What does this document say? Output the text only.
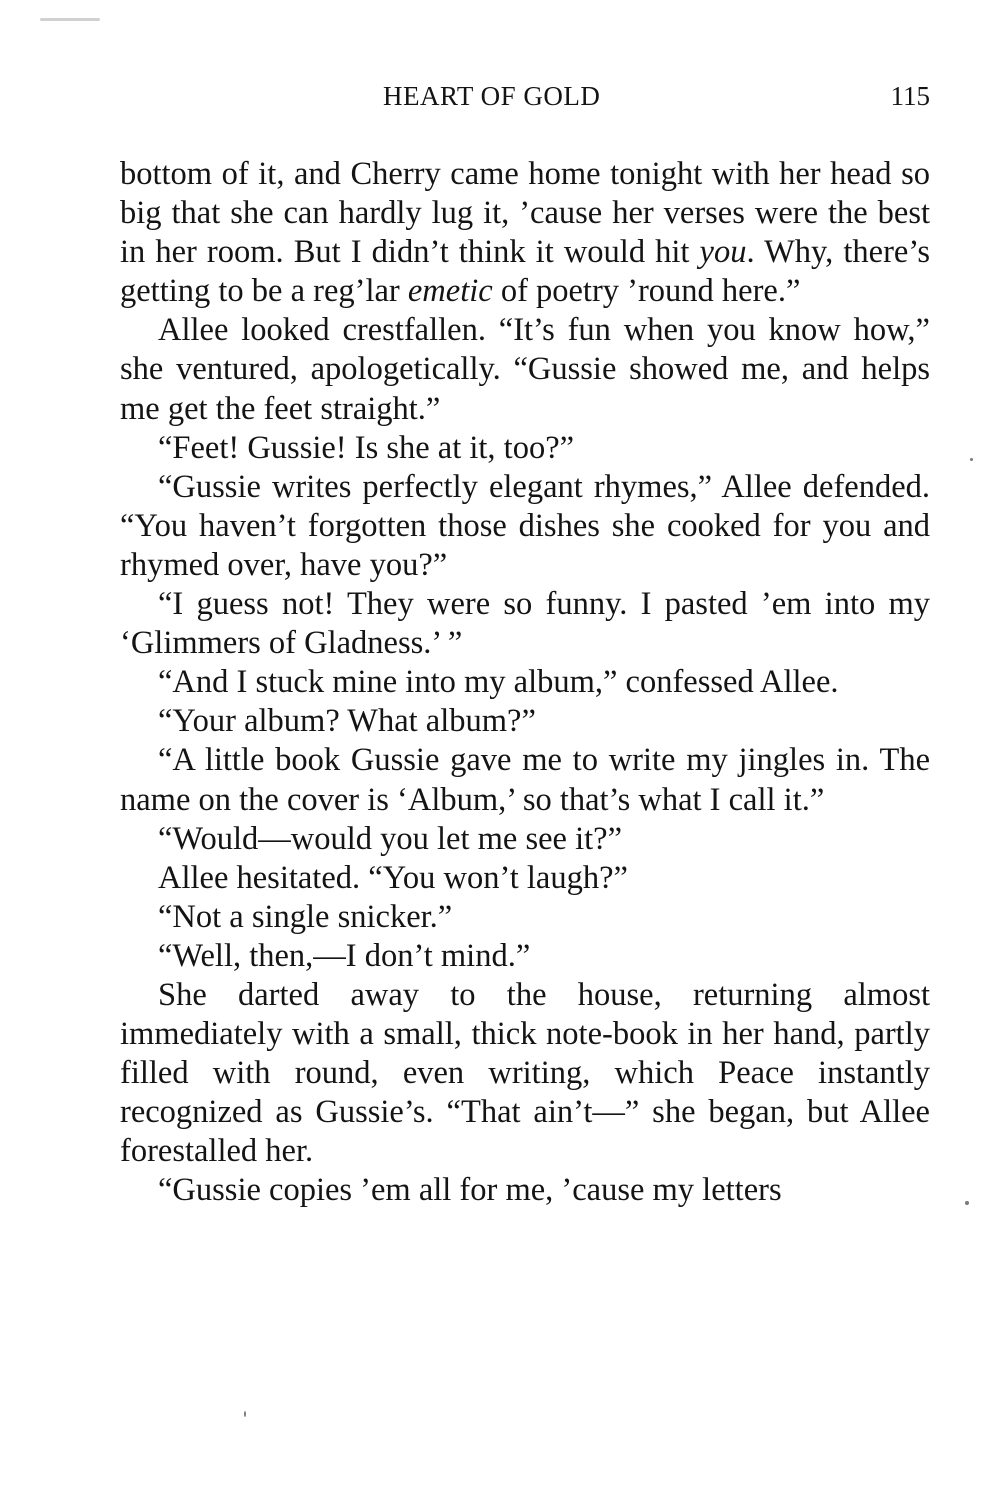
HEART OF GOLD	115

bottom of it, and Cherry came home tonight with her head so big that she can hardly lug it, ’cause her verses were the best in her room. But I didn’t think it would hit you. Why, there’s getting to be a reg’lar emetic of poetry ’round here.”

Allee looked crestfallen. “It’s fun when you know how,” she ventured, apologetically. “Gussie showed me, and helps me get the feet straight.”

“Feet! Gussie! Is she at it, too?”

“Gussie writes perfectly elegant rhymes,” Allee defended. “You haven’t forgotten those dishes she cooked for you and rhymed over, have you?”

“I guess not! They were so funny. I pasted ’em into my ‘Glimmers of Gladness.’ ”

“And I stuck mine into my album,” confessed Allee.

“Your album? What album?”

“A little book Gussie gave me to write my jingles in. The name on the cover is ‘Album,’ so that’s what I call it.”

“Would—would you let me see it?”

Allee hesitated. “You won’t laugh?”

“Not a single snicker.”

“Well, then,—I don’t mind.”

She darted away to the house, returning almost immediately with a small, thick note-book in her hand, partly filled with round, even writing, which Peace instantly recognized as Gussie’s. “That ain’t—” she began, but Allee forestalled her.

“Gussie copies ’em all for me, ’cause my letters
